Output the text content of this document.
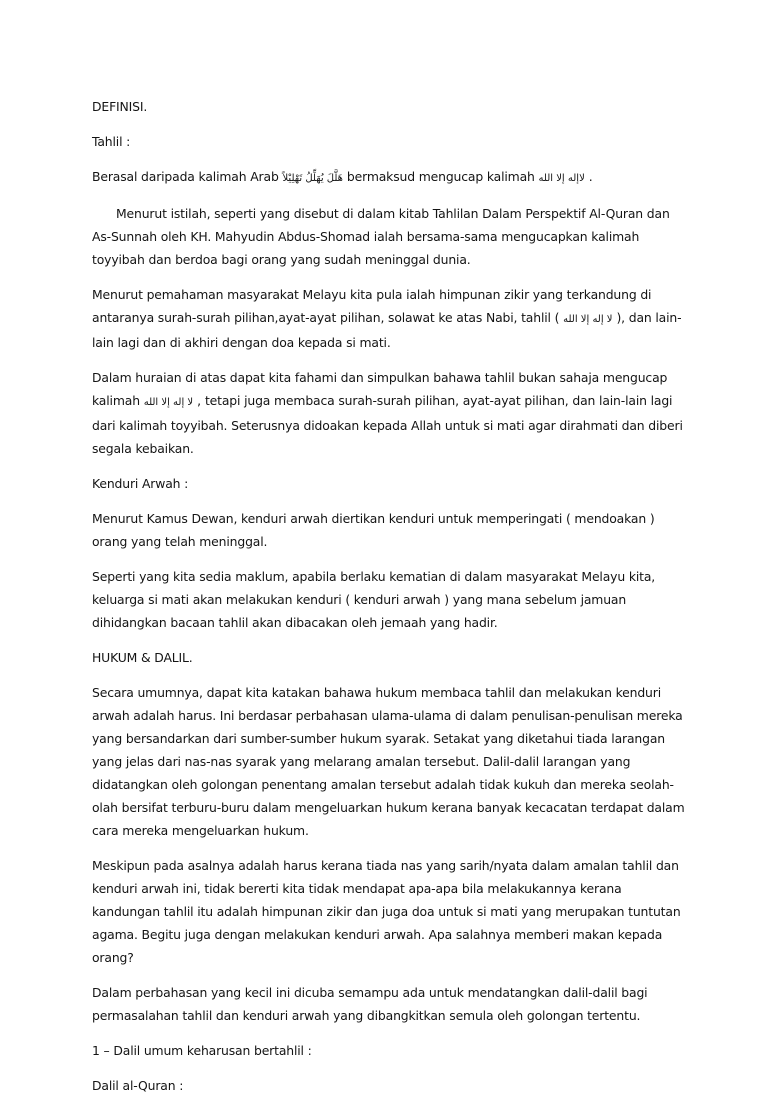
DEFINISI.

Tahlil :

Berasal daripada kalimah Arab هَلَّلَ يُهَلِّلُ تَهْلِيْلاً bermaksud mengucap kalimah لاإله إلا الله .

Menurut istilah, seperti yang disebut di dalam kitab Tahlilan Dalam Perspektif Al-Quran dan As-Sunnah oleh KH. Mahyudin Abdus-Shomad ialah bersama-sama mengucapkan kalimah toyyibah dan berdoa bagi orang yang sudah meninggal dunia.

Menurut pemahaman masyarakat Melayu kita pula ialah himpunan zikir yang terkandung di antaranya surah-surah pilihan,ayat-ayat pilihan, solawat ke atas Nabi, tahlil ( لا إله إلا الله ), dan lain-lain lagi dan di akhiri dengan doa kepada si mati.

Dalam huraian di atas dapat kita fahami dan simpulkan bahawa tahlil bukan sahaja mengucap kalimah لا إله إلا الله , tetapi juga membaca surah-surah pilihan, ayat-ayat pilihan, dan lain-lain lagi dari kalimah toyyibah. Seterusnya didoakan kepada Allah untuk si mati agar dirahmati dan diberi segala kebaikan.

Kenduri Arwah :

Menurut Kamus Dewan, kenduri arwah diertikan kenduri untuk memperingati ( mendoakan ) orang yang telah meninggal.

Seperti yang kita sedia maklum, apabila berlaku kematian di dalam masyarakat Melayu kita, keluarga si mati akan melakukan kenduri ( kenduri arwah ) yang mana sebelum jamuan dihidangkan bacaan tahlil akan dibacakan oleh jemaah yang hadir.

HUKUM & DALIL.

Secara umumnya, dapat kita katakan bahawa hukum membaca tahlil dan melakukan kenduri arwah adalah harus. Ini berdasar perbahasan ulama-ulama di dalam penulisan-penulisan mereka yang bersandarkan dari sumber-sumber hukum syarak. Setakat yang diketahui tiada larangan yang jelas dari nas-nas syarak yang melarang amalan tersebut. Dalil-dalil larangan yang didatangkan oleh golongan penentang amalan tersebut adalah tidak kukuh dan mereka seolah-olah bersifat terburu-buru dalam mengeluarkan hukum kerana banyak kecacatan terdapat dalam cara mereka mengeluarkan hukum.

Meskipun pada asalnya adalah harus kerana tiada nas yang sarih/nyata dalam amalan tahlil dan kenduri arwah ini, tidak bererti kita tidak mendapat apa-apa bila melakukannya kerana kandungan tahlil itu adalah himpunan zikir dan juga doa untuk si mati yang merupakan tuntutan agama. Begitu juga dengan melakukan kenduri arwah. Apa salahnya memberi makan kepada orang?

Dalam perbahasan yang kecil ini dicuba semampu ada untuk mendatangkan dalil-dalil bagi permasalahan tahlil dan kenduri arwah yang dibangkitkan semula oleh golongan tertentu.

1 – Dalil umum keharusan bertahlil :

Dalil al-Quran :
